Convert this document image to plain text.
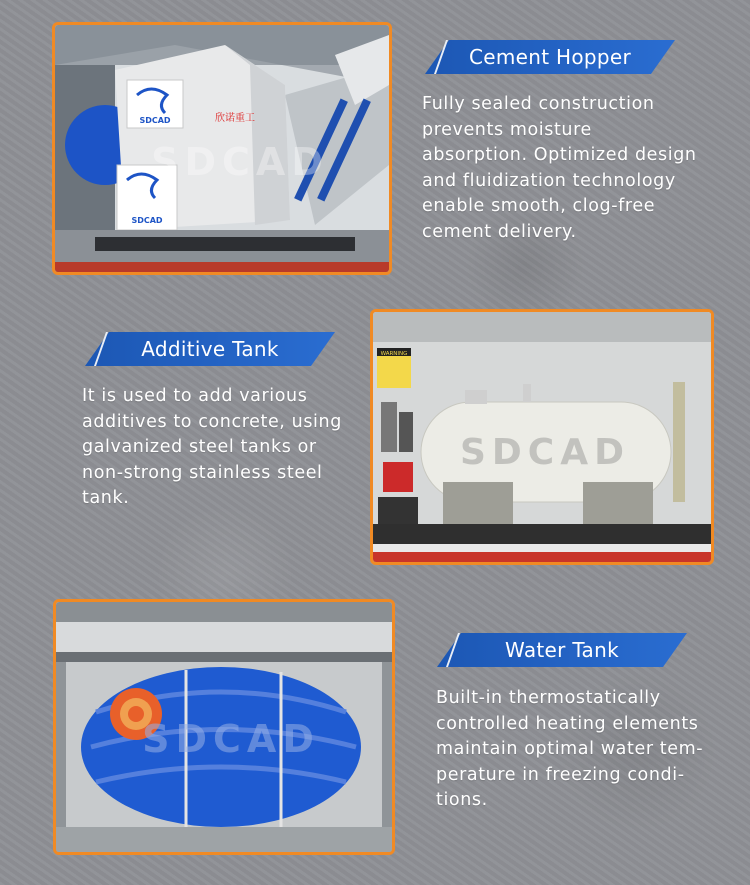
SDCAD	欣诺重工
SDCAD
SDCAD
Cement Hopper
Fully sealed construction
prevents moisture
absorption. Optimized design
and fluidization technology
enable smooth, clog-free
cement delivery.
Additive Tank
It is used to add various
additives to concrete, using
galvanized steel tanks or
non-strong stainless steel
tank.
WARNING
SDCAD
SDCAD
Water Tank
Built-in thermostatically
controlled heating elements
maintain optimal water tem-
perature in freezing condi-
tions.
